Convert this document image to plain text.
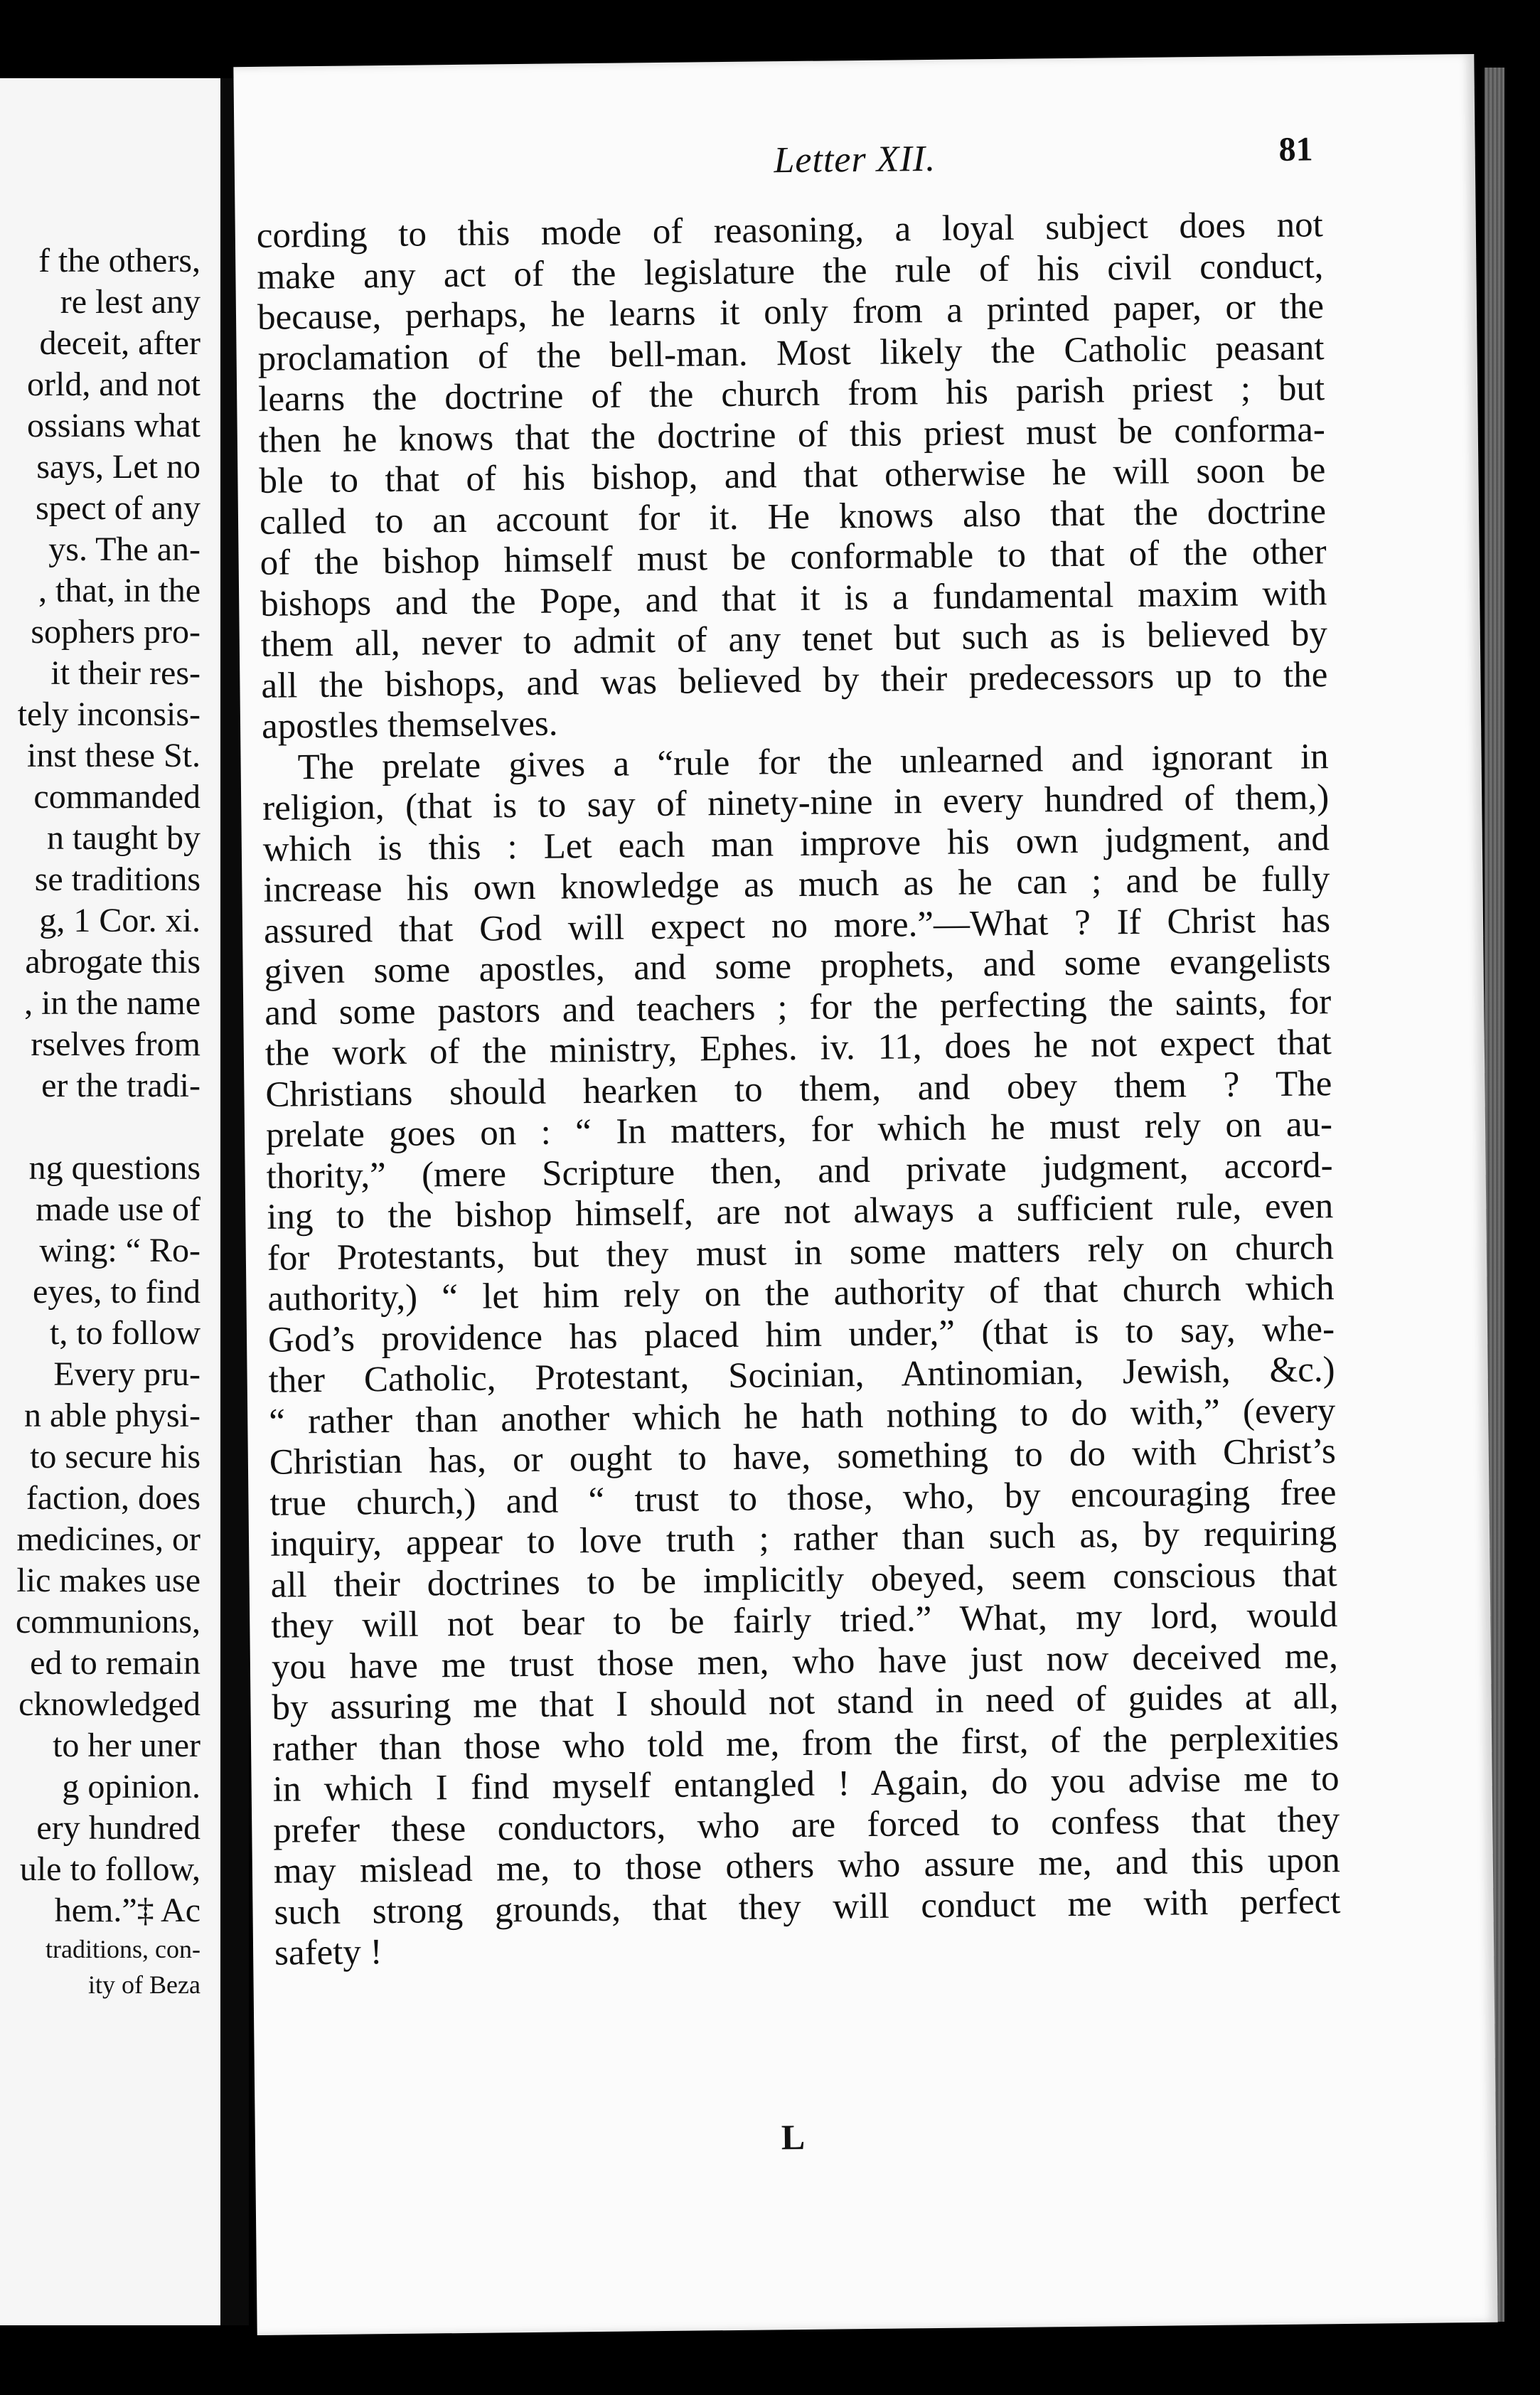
f the others,
re lest any
deceit, after
orld, and not
ossians what
says, Let no
spect of any
ys. The an-
, that, in the
sophers pro-
it their res-
tely inconsis-
inst these St.
commanded
n taught by
se traditions
g, 1 Cor. xi.
abrogate this
, in the name
rselves from
er the tradi-
ng questions
made use of
wing: “ Ro-
eyes, to find
t, to follow
Every pru-
n able physi-
to secure his
faction, does
medicines, or
lic makes use
communions,
ed to remain
cknowledged
to her uner
g opinion.
ery hundred
ule to follow,
hem.”‡ Ac
traditions, con-
ity of Beza
Letter XII.	81
cording to this mode of reasoning, a loyal subject does not
make any act of the legislature the rule of his civil conduct,
because, perhaps, he learns it only from a printed paper, or the
proclamation of the bell-man. Most likely the Catholic peasant
learns the doctrine of the church from his parish priest ; but
then he knows that the doctrine of this priest must be conforma-
ble to that of his bishop, and that otherwise he will soon be
called to an account for it. He knows also that the doctrine
of the bishop himself must be conformable to that of the other
bishops and the Pope, and that it is a fundamental maxim with
them all, never to admit of any tenet but such as is believed by
all the bishops, and was believed by their predecessors up to the
apostles themselves.
The prelate gives a “rule for the unlearned and ignorant in
religion, (that is to say of ninety-nine in every hundred of them,)
which is this : Let each man improve his own judgment, and
increase his own knowledge as much as he can ; and be fully
assured that God will expect no more.”—What ? If Christ has
given some apostles, and some prophets, and some evangelists
and some pastors and teachers ; for the perfecting the saints, for
the work of the ministry, Ephes. iv. 11, does he not expect that
Christians should hearken to them, and obey them ? The
prelate goes on : “ In matters, for which he must rely on au-
thority,” (mere Scripture then, and private judgment, accord-
ing to the bishop himself, are not always a sufficient rule, even
for Protestants, but they must in some matters rely on church
authority,) “ let him rely on the authority of that church which
God’s providence has placed him under,” (that is to say, whe-
ther Catholic, Protestant, Socinian, Antinomian, Jewish, &c.)
“ rather than another which he hath nothing to do with,” (every
Christian has, or ought to have, something to do with Christ’s
true church,) and “ trust to those, who, by encouraging free
inquiry, appear to love truth ; rather than such as, by requiring
all their doctrines to be implicitly obeyed, seem conscious that
they will not bear to be fairly tried.” What, my lord, would
you have me trust those men, who have just now deceived me,
by assuring me that I should not stand in need of guides at all,
rather than those who told me, from the first, of the perplexities
in which I find myself entangled ! Again, do you advise me to
prefer these conductors, who are forced to confess that they
may mislead me, to those others who assure me, and this upon
such strong grounds, that they will conduct me with perfect
safety !
L
